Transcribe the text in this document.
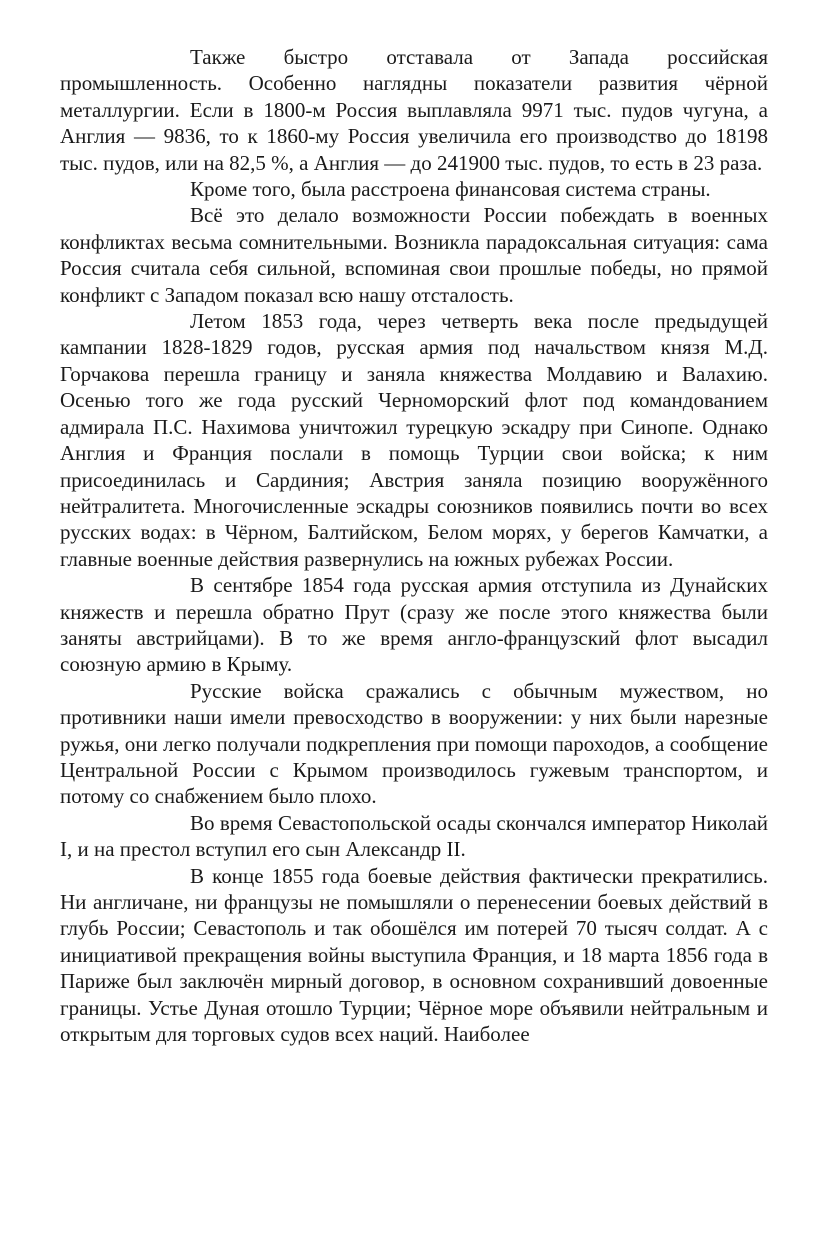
Также быстро отставала от Запада российская промышленность. Особенно наглядны показатели развития чёрной металлургии. Если в 1800-м Россия выплавляла 9971 тыс. пудов чугуна, а Англия — 9836, то к 1860-му Россия увеличила его производство до 18198 тыс. пудов, или на 82,5 %, а Англия — до 241900 тыс. пудов, то есть в 23 раза.

Кроме того, была расстроена финансовая система страны.

Всё это делало возможности России побеждать в военных конфликтах весьма сомнительными. Возникла парадоксальная ситуация: сама Россия считала себя сильной, вспоминая свои прошлые победы, но прямой конфликт с Западом показал всю нашу отсталость.

Летом 1853 года, через четверть века после предыдущей кампании 1828-1829 годов, русская армия под начальством князя М.Д. Горчакова перешла границу и заняла княжества Молдавию и Валахию. Осенью того же года русский Черноморский флот под командованием адмирала П.С. Нахимова уничтожил турецкую эскадру при Синопе. Однако Англия и Франция послали в помощь Турции свои войска; к ним присоединилась и Сардиния; Австрия заняла позицию вооружённого нейтралитета. Многочисленные эскадры союзников появились почти во всех русских водах: в Чёрном, Балтийском, Белом морях, у берегов Камчатки, а главные военные действия развернулись на южных рубежах России.

В сентябре 1854 года русская армия отступила из Дунайских княжеств и перешла обратно Прут (сразу же после этого княжества были заняты австрийцами). В то же время англо-французский флот высадил союзную армию в Крыму.

Русские войска сражались с обычным мужеством, но противники наши имели превосходство в вооружении: у них были нарезные ружья, они легко получали подкрепления при помощи пароходов, а сообщение Центральной России с Крымом производилось гужевым транспортом, и потому со снабжением было плохо.

Во время Севастопольской осады скончался император Николай I, и на престол вступил его сын Александр II.

В конце 1855 года боевые действия фактически прекратились. Ни англичане, ни французы не помышляли о перенесении боевых действий в глубь России; Севастополь и так обошёлся им потерей 70 тысяч солдат. А с инициативой прекращения войны выступила Франция, и 18 марта 1856 года в Париже был заключён мирный договор, в основном сохранивший довоенные границы. Устье Дуная отошло Турции; Чёрное море объявили нейтральным и открытым для торговых судов всех наций. Наиболее
